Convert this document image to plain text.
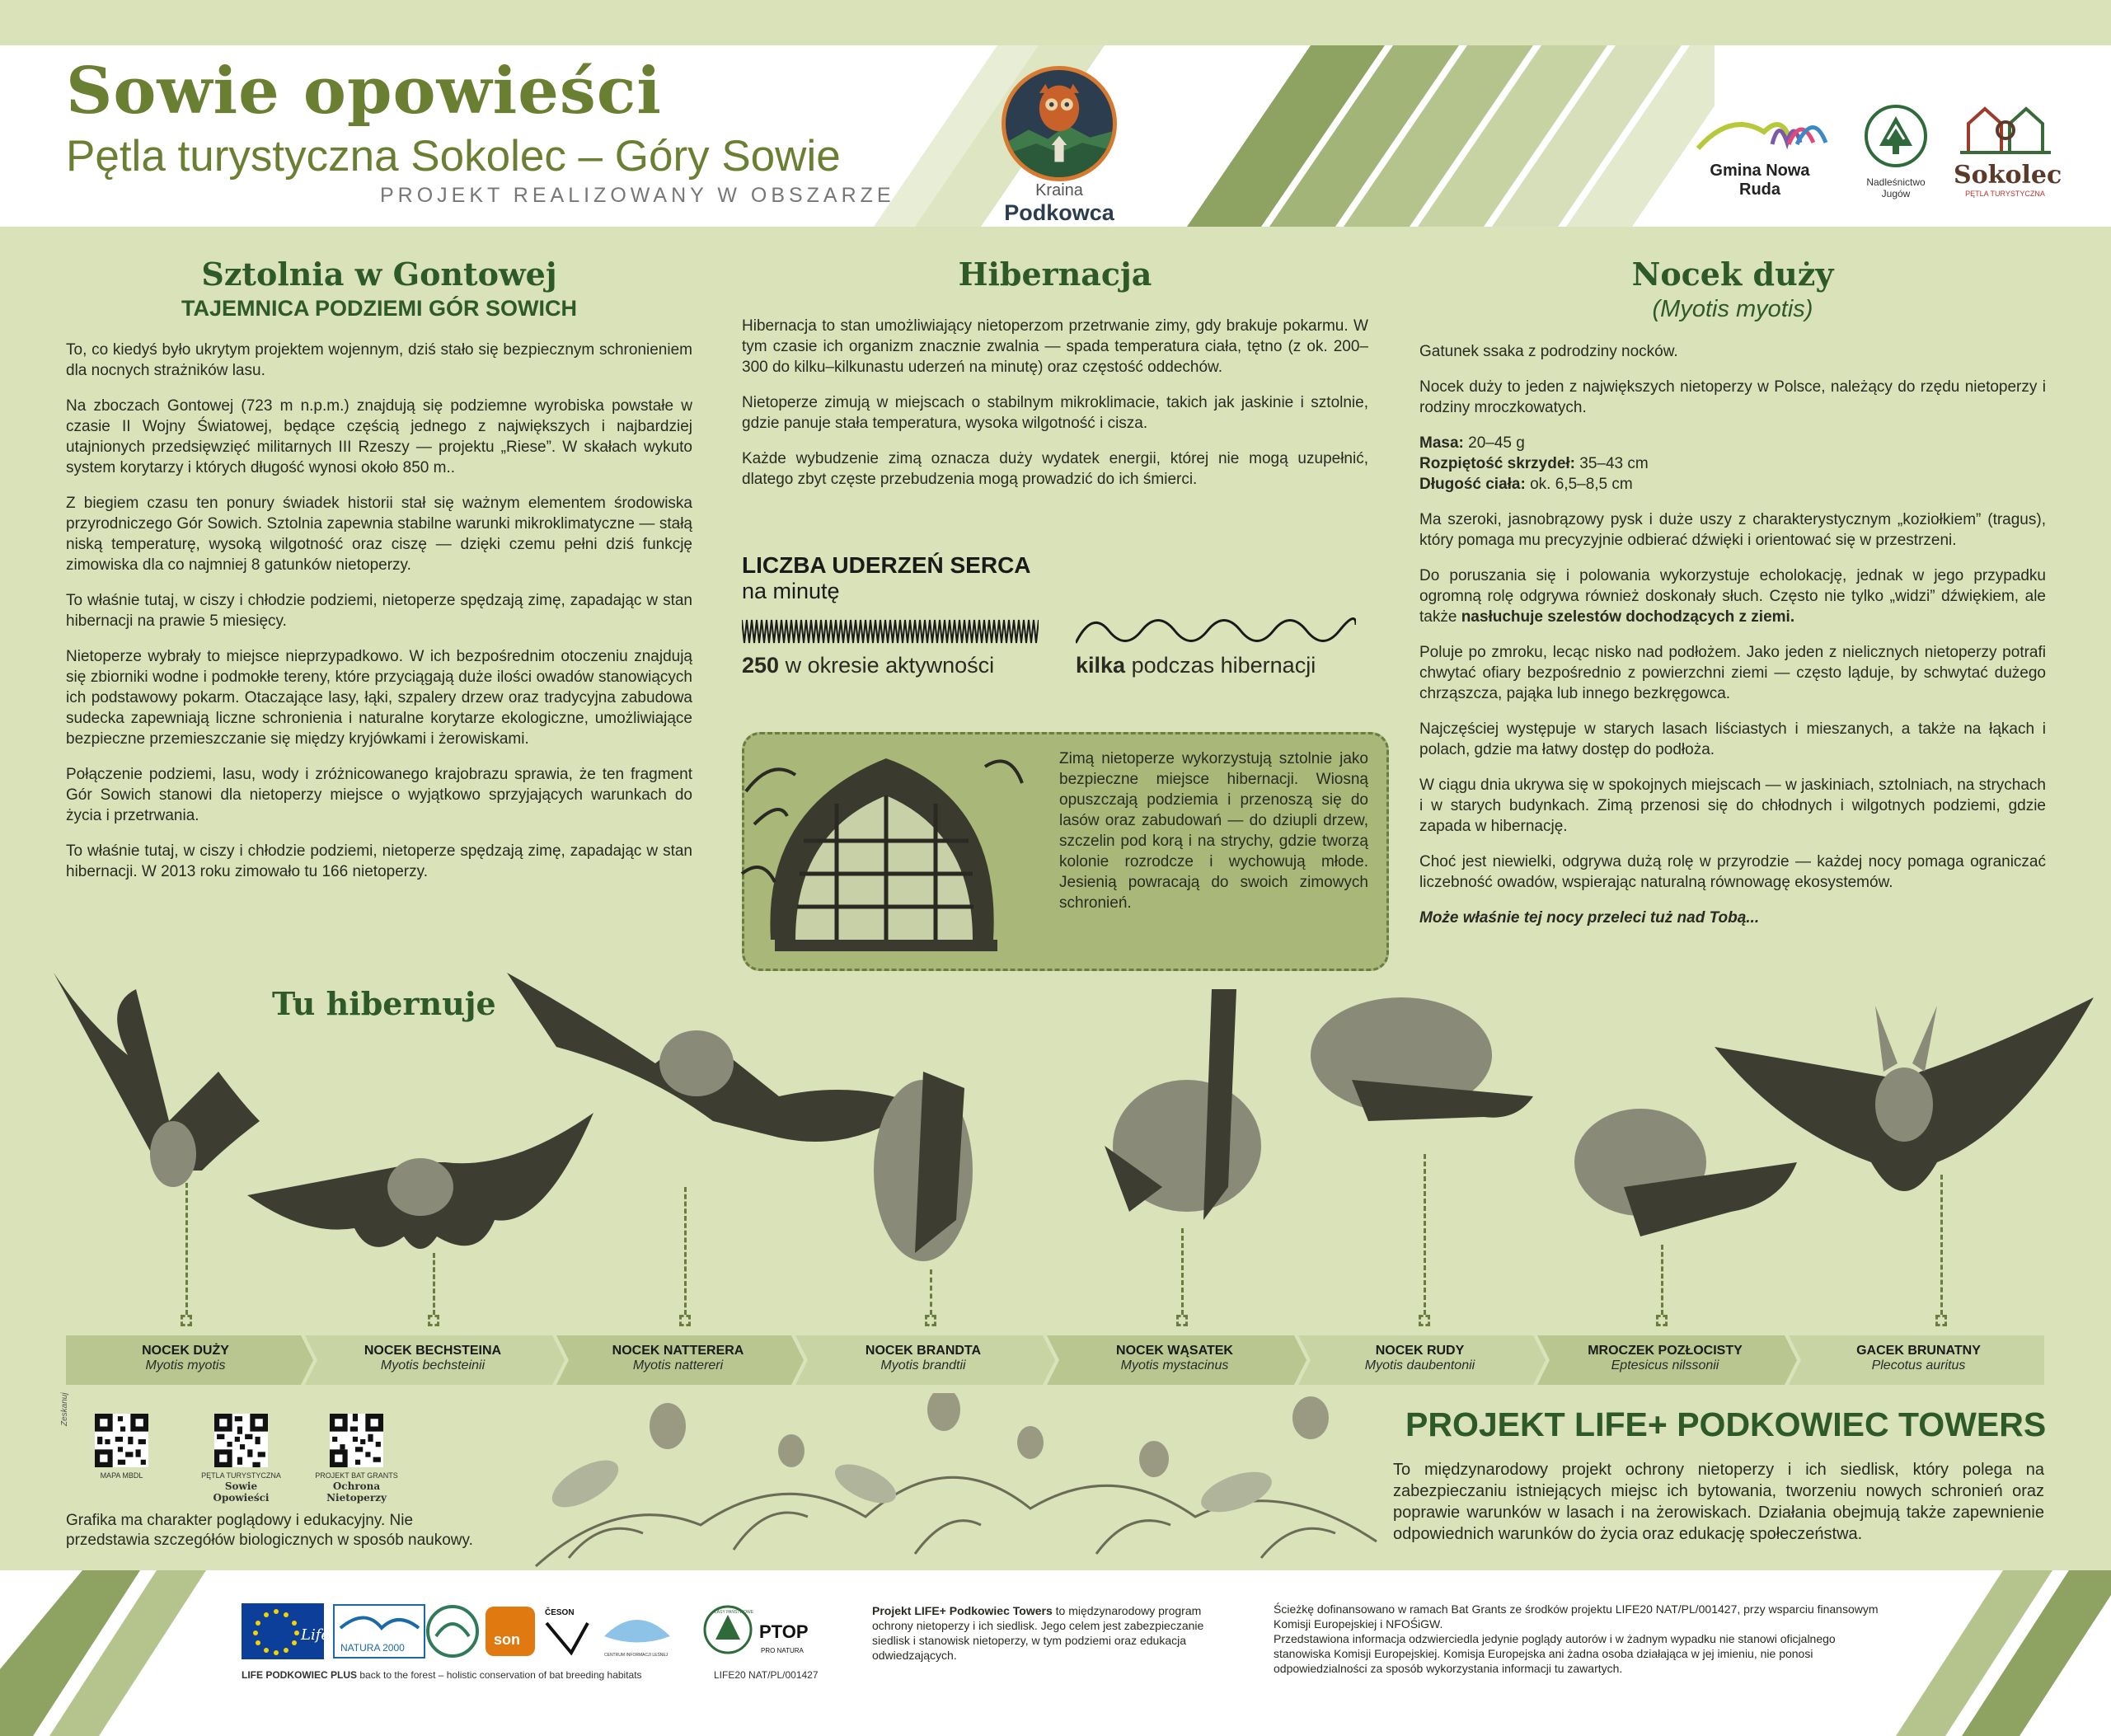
Sowie opowieści
Pętla turystyczna Sokolec – Góry Sowie
PROJEKT REALIZOWANY W OBSZARZE	Kraina
Podkowca
Gmina Nowa Ruda	Nadleśnictwo Jugów
Sokolec
PĘTLA TURYSTYCZNA
Sztolnia w Gontowej
TAJEMNICA PODZIEMI GÓR SOWICH

To, co kiedyś było ukrytym projektem wojennym, dziś stało się bezpiecznym schronieniem dla nocnych strażników lasu.

Na zboczach Gontowej (723 m n.p.m.) znajdują się podziemne wyrobiska powstałe w czasie II Wojny Światowej, będące częścią jednego z największych i najbardziej utajnionych przedsięwzięć militarnych III Rzeszy — projektu „Riese”. W skałach wykuto system korytarzy i których długość wynosi około 850 m..

Z biegiem czasu ten ponury świadek historii stał się ważnym elementem środowiska przyrodniczego Gór Sowich. Sztolnia zapewnia stabilne warunki mikroklimatyczne — stałą niską temperaturę, wysoką wilgotność oraz ciszę — dzięki czemu pełni dziś funkcję zimowiska dla co najmniej 8 gatunków nietoperzy.

To właśnie tutaj, w ciszy i chłodzie podziemi, nietoperze spędzają zimę, zapadając w stan hibernacji na prawie 5 miesięcy.

Nietoperze wybrały to miejsce nieprzypadkowo. W ich bezpośrednim otoczeniu znajdują się zbiorniki wodne i podmokłe tereny, które przyciągają duże ilości owadów stanowiących ich podstawowy pokarm. Otaczające lasy, łąki, szpalery drzew oraz tradycyjna zabudowa sudecka zapewniają liczne schronienia i naturalne korytarze ekologiczne, umożliwiające bezpieczne przemieszczanie się między kryjówkami i żerowiskami.

Połączenie podziemi, lasu, wody i zróżnicowanego krajobrazu sprawia, że ten fragment Gór Sowich stanowi dla nietoperzy miejsce o wyjątkowo sprzyjających warunkach do życia i przetrwania.

To właśnie tutaj, w ciszy i chłodzie podziemi, nietoperze spędzają zimę, zapadając w stan hibernacji. W 2013 roku zimowało tu 166 nietoperzy.

Hibernacja

Hibernacja to stan umożliwiający nietoperzom przetrwanie zimy, gdy brakuje pokarmu. W tym czasie ich organizm znacznie zwalnia — spada temperatura ciała, tętno (z ok. 200–300 do kilku–kilkunastu uderzeń na minutę) oraz częstość oddechów.

Nietoperze zimują w miejscach o stabilnym mikroklimacie, takich jak jaskinie i sztolnie, gdzie panuje stała temperatura, wysoka wilgotność i cisza.

Każde wybudzenie zimą oznacza duży wydatek energii, której nie mogą uzupełnić, dlatego zbyt częste przebudzenia mogą prowadzić do ich śmierci.

LICZBA UDERZEŃ SERCA
na minutę
250 w okresie aktywności	kilka podczas hibernacji
Zimą nietoperze wykorzystują sztolnie jako bezpieczne miejsce hibernacji. Wiosną opuszczają podziemia i przenoszą się do lasów oraz zabudowań — do dziupli drzew, szczelin pod korą i na strychy, gdzie tworzą kolonie rozrodcze i wychowują młode. Jesienią powracają do swoich zimowych schronień.
Nocek duży
(Myotis myotis)

Gatunek ssaka z podrodziny nocków.

Nocek duży to jeden z największych nietoperzy w Polsce, należący do rzędu nietoperzy i rodziny mroczkowatych.

Masa: 20–45 g
Rozpiętość skrzydeł: 35–43 cm
Długość ciała: ok. 6,5–8,5 cm

Ma szeroki, jasnobrązowy pysk i duże uszy z charakterystycznym „koziołkiem” (tragus), który pomaga mu precyzyjnie odbierać dźwięki i orientować się w przestrzeni.

Do poruszania się i polowania wykorzystuje echolokację, jednak w jego przypadku ogromną rolę odgrywa również doskonały słuch. Często nie tylko „widzi” dźwiękiem, ale także nasłuchuje szelestów dochodzących z ziemi.

Poluje po zmroku, lecąc nisko nad podłożem. Jako jeden z nielicznych nietoperzy potrafi chwytać ofiary bezpośrednio z powierzchni ziemi — często ląduje, by schwytać dużego chrząszcza, pająka lub innego bezkręgowca.

Najczęściej występuje w starych lasach liściastych i mieszanych, a także na łąkach i polach, gdzie ma łatwy dostęp do podłoża.

W ciągu dnia ukrywa się w spokojnych miejscach — w jaskiniach, sztolniach, na strychach i w starych budynkach. Zimą przenosi się do chłodnych i wilgotnych podziemi, gdzie zapada w hibernację.

Choć jest niewielki, odgrywa dużą rolę w przyrodzie — każdej nocy pomaga ograniczać liczebność owadów, wspierając naturalną równowagę ekosystemów.

Może właśnie tej nocy przeleci tuż nad Tobą...

Tu hibernuje
NOCEK DUŻY
Myotis myotis
NOCEK BECHSTEINA
Myotis bechsteinii
NOCEK NATTERERA
Myotis nattereri
NOCEK BRANDTA
Myotis brandtii
NOCEK WĄSATEK
Myotis mystacinus
NOCEK RUDY
Myotis daubentonii
MROCZEK POZŁOCISTY
Eptesicus nilssonii
GACEK BRUNATNY
Plecotus auritus
Zeskanuj
MAPA MBDL	PĘTLA TURYSTYCZNA
Sowie Opowieści
PROJEKT BAT GRANTS
Ochrona Nietoperzy
Grafika ma charakter poglądowy i edukacyjny. Nie przedstawia szczegółów biologicznych w sposób naukowy.
PROJEKT LIFE+ PODKOWIEC TOWERS
To międzynarodowy projekt ochrony nietoperzy i ich siedlisk, który polega na zabezpieczaniu istniejących miejsc ich bytowania, tworzeniu nowych schronień oraz poprawie warunków w lasach i na żerowiskach. Działania obejmują także zapewnienie odpowiednich warunków do życia oraz edukację społeczeństwa.
Life
NATURA 2000	son
ČESON
CENTRUM INFORMACJI LEŚNEJ
LASY PAŃSTWOWE
PTOP
PRO NATURA
LIFE PODKOWIEC PLUS back to the forest – holistic conservation of bat breeding habitats	LIFE20 NAT/PL/001427
Projekt LIFE+ Podkowiec Towers to międzynarodowy program ochrony nietoperzy i ich siedlisk. Jego celem jest zabezpieczanie siedlisk i stanowisk nietoperzy, w tym podziemi oraz edukacja odwiedzających.
Ścieżkę dofinansowano w ramach Bat Grants ze środków projektu LIFE20 NAT/PL/001427, przy wsparciu finansowym Komisji Europejskiej i NFOŚiGW.
Przedstawiona informacja odzwierciedla jedynie poglądy autorów i w żadnym wypadku nie stanowi oficjalnego stanowiska Komisji Europejskiej. Komisja Europejska ani żadna osoba działająca w jej imieniu, nie ponosi odpowiedzialności za sposób wykorzystania informacji tu zawartych.
